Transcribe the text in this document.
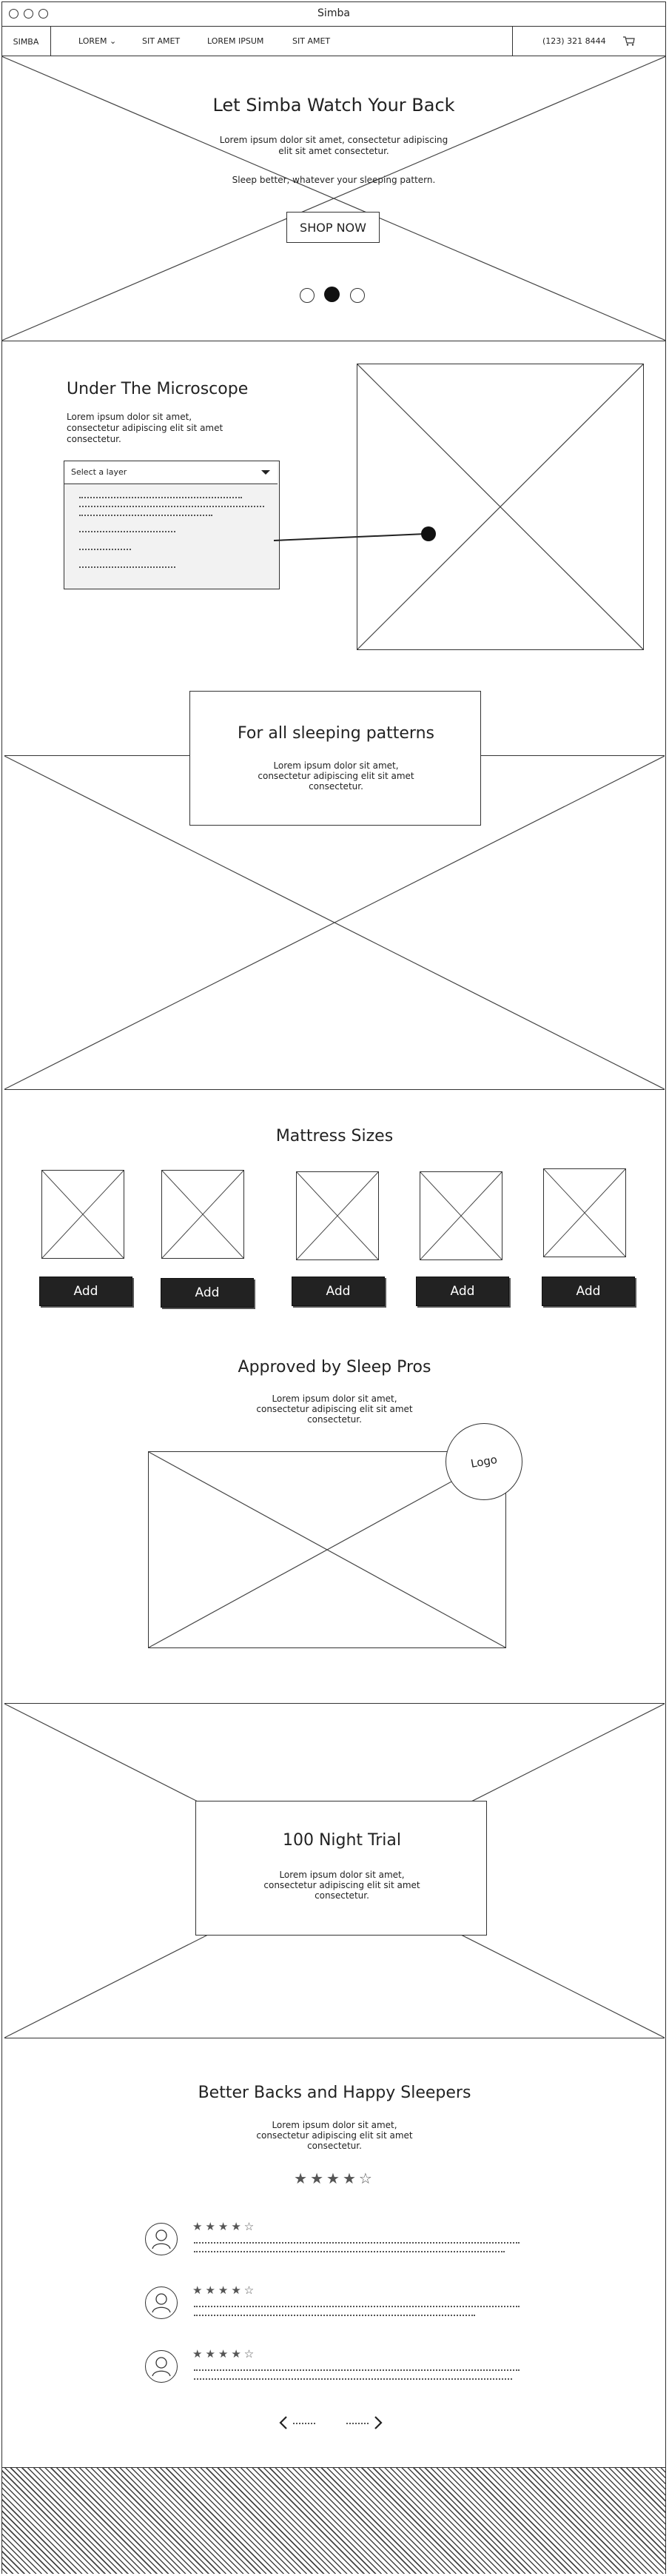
Simba
SIMBA	LOREM ⌄	SIT AMET	LOREM IPSUM	SIT AMET	(123) 321 8444
Let Simba Watch Your Back
Lorem ipsum dolor sit amet, consectetur adipiscing
elit sit amet consectetur.
Sleep better, whatever your sleeping pattern.
SHOP NOW
Under The Microscope
Lorem ipsum dolor sit amet,
consectetur adipiscing elit sit amet
consectetur.
Select a layer
For all sleeping patterns
Lorem ipsum dolor sit amet,
consectetur adipiscing elit sit amet
consectetur.
Mattress Sizes
Add	Add	Add	Add	Add
Approved by Sleep Pros
Lorem ipsum dolor sit amet,
consectetur adipiscing elit sit amet
consectetur.
Logo
100 Night Trial
Lorem ipsum dolor sit amet,
consectetur adipiscing elit sit amet
consectetur.
Better Backs and Happy Sleepers
Lorem ipsum dolor sit amet,
consectetur adipiscing elit sit amet
consectetur.
★★★★☆
★★★★☆
★★★★☆
★★★★☆
